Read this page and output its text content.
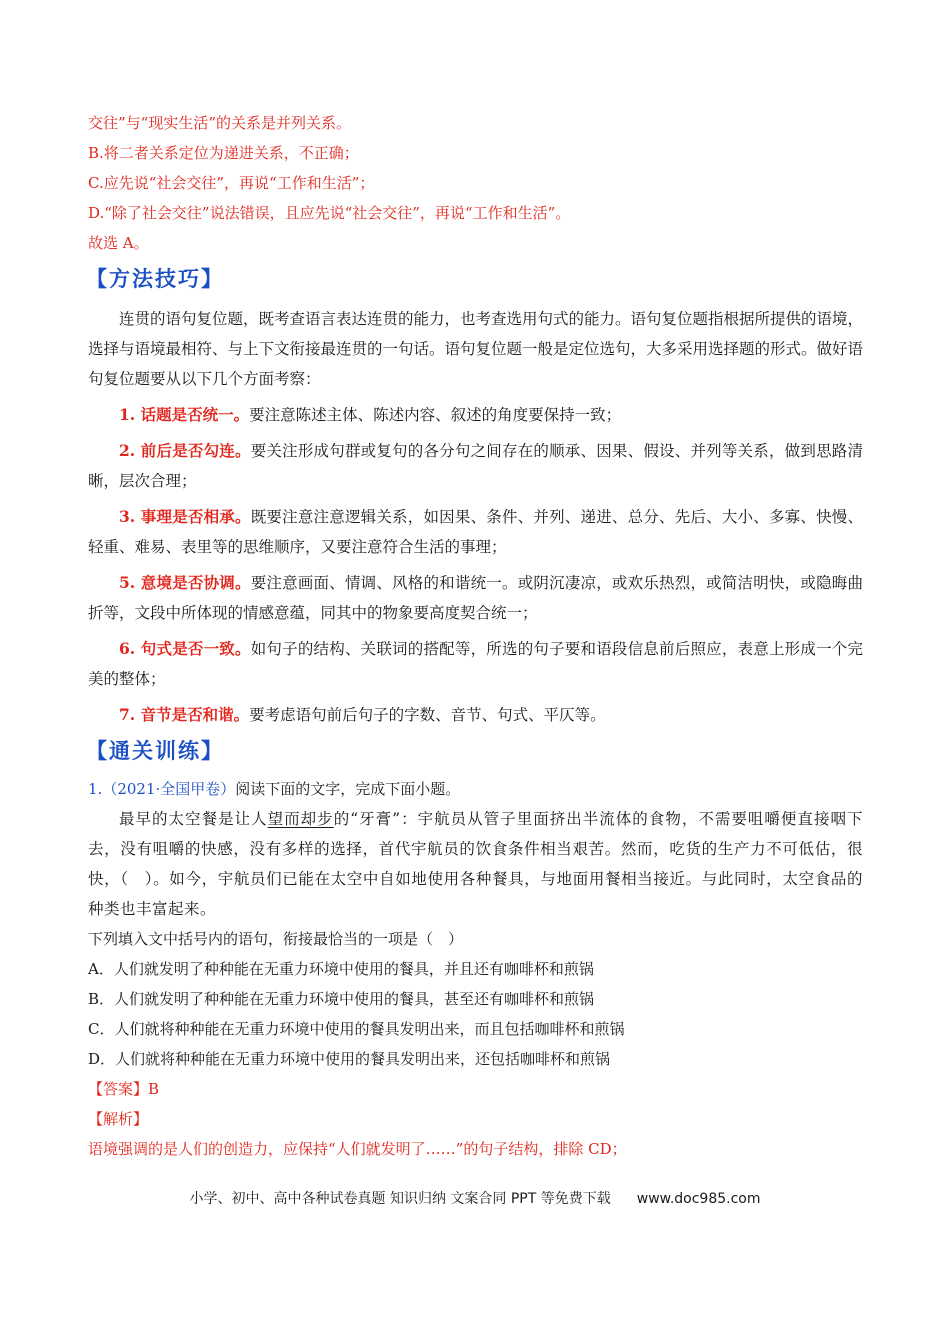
交往”与“现实生活”的关系是并列关系。
B.将二者关系定位为递进关系，不正确；
C.应先说“社会交往”，再说“工作和生活”；
D.“除了社会交往”说法错误，且应先说“社会交往”，再说“工作和生活”。
故选 A。
【方法技巧】
连贯的语句复位题，既考查语言表达连贯的能力，也考查选用句式的能力。语句复位题指根据所提供的语境，选择与语境最相符、与上下文衔接最连贯的一句话。语句复位题一般是定位选句，大多采用选择题的形式。做好语句复位题要从以下几个方面考察：
1. 话题是否统一。要注意陈述主体、陈述内容、叙述的角度要保持一致；
2. 前后是否勾连。要关注形成句群或复句的各分句之间存在的顺承、因果、假设、并列等关系，做到思路清晰，层次合理；
3. 事理是否相承。既要注意注意逻辑关系，如因果、条件、并列、递进、总分、先后、大小、多寡、快慢、轻重、难易、表里等的思维顺序，又要注意符合生活的事理；
5. 意境是否协调。要注意画面、情调、风格的和谐统一。或阴沉凄凉，或欢乐热烈，或简洁明快，或隐晦曲折等，文段中所体现的情感意蕴，同其中的物象要高度契合统一；
6. 句式是否一致。如句子的结构、关联词的搭配等，所选的句子要和语段信息前后照应，表意上形成一个完美的整体；
7. 音节是否和谐。要考虑语句前后句子的字数、音节、句式、平仄等。
【通关训练】
1.（2021·全国甲卷）阅读下面的文字，完成下面小题。
最早的太空餐是让人望而却步的“牙膏”：宇航员从管子里面挤出半流体的食物，不需要咀嚼便直接咽下去，没有咀嚼的快感，没有多样的选择，首代宇航员的饮食条件相当艰苦。然而，吃货的生产力不可低估，很快，（　）。如今，宇航员们已能在太空中自如地使用各种餐具，与地面用餐相当接近。与此同时，太空食品的种类也丰富起来。
下列填入文中括号内的语句，衔接最恰当的一项是（　）
A．人们就发明了种种能在无重力环境中使用的餐具，并且还有咖啡杯和煎锅
B．人们就发明了种种能在无重力环境中使用的餐具，甚至还有咖啡杯和煎锅
C．人们就将种种能在无重力环境中使用的餐具发明出来，而且包括咖啡杯和煎锅
D．人们就将种种能在无重力环境中使用的餐具发明出来，还包括咖啡杯和煎锅
【答案】B
【解析】
语境强调的是人们的创造力，应保持“人们就发明了……”的句子结构，排除 CD；
小学、初中、高中各种试卷真题 知识归纳 文案合同 PPT 等免费下载 www.doc985.com
